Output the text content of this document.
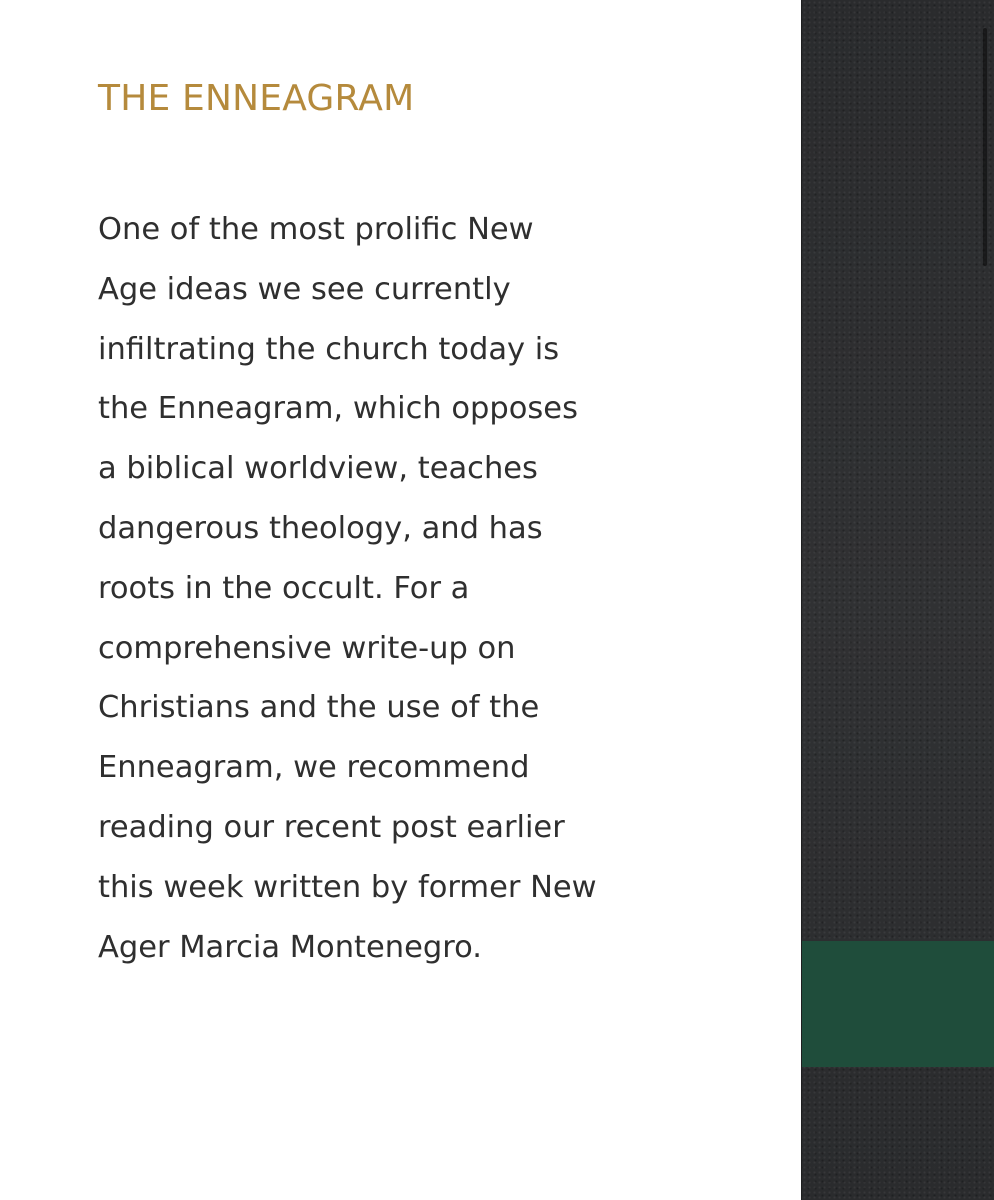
THE ENNEAGRAM

One of the most prolific New
Age ideas we see currently
infiltrating the church today is
the Enneagram, which opposes
a biblical worldview, teaches
dangerous theology, and has
roots in the occult. For a
comprehensive write-up on
Christians and the use of the
Enneagram, we recommend
reading our recent post earlier
this week written by former New
Ager Marcia Montenegro.
